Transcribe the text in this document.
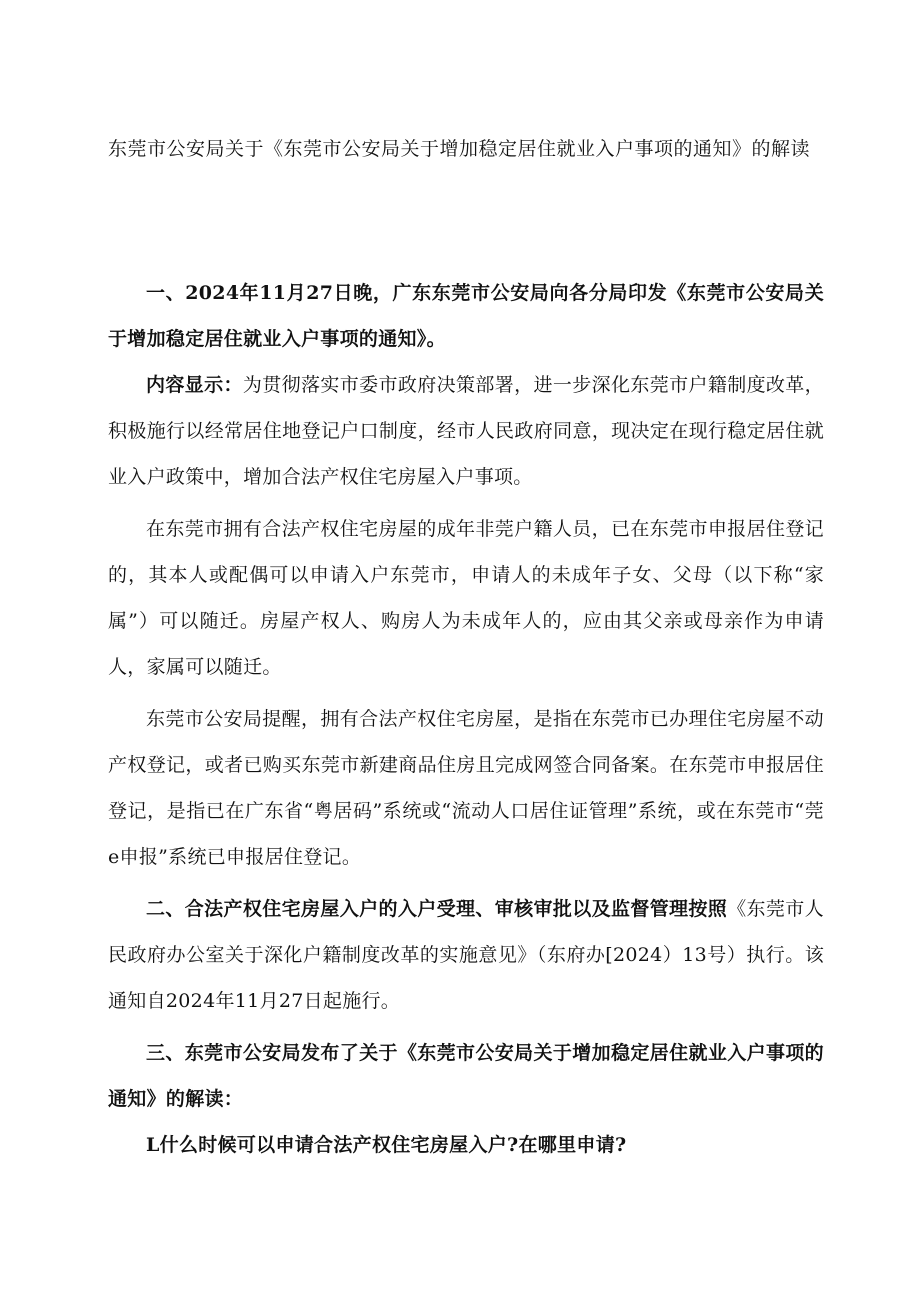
东莞市公安局关于《东莞市公安局关于增加稳定居住就业入户事项的通知》的解读

一、2024年11月27日晚，广东东莞市公安局向各分局印发《东莞市公安局关于增加稳定居住就业入户事项的通知》。

内容显示：为贯彻落实市委市政府决策部署，进一步深化东莞市户籍制度改革，积极施行以经常居住地登记户口制度，经市人民政府同意，现决定在现行稳定居住就业入户政策中，增加合法产权住宅房屋入户事项。

在东莞市拥有合法产权住宅房屋的成年非莞户籍人员，已在东莞市申报居住登记的，其本人或配偶可以申请入户东莞市，申请人的未成年子女、父母（以下称“家属”）可以随迁。房屋产权人、购房人为未成年人的，应由其父亲或母亲作为申请人，家属可以随迁。

东莞市公安局提醒，拥有合法产权住宅房屋，是指在东莞市已办理住宅房屋不动产权登记，或者已购买东莞市新建商品住房且完成网签合同备案。在东莞市申报居住登记，是指已在广东省“粤居码”系统或“流动人口居住证管理”系统，或在东莞市“莞e申报”系统已申报居住登记。

二、合法产权住宅房屋入户的入户受理、审核审批以及监督管理按照《东莞市人民政府办公室关于深化户籍制度改革的实施意见》（东府办[2024）13号）执行。该通知自2024年11月27日起施行。

三、东莞市公安局发布了关于《东莞市公安局关于增加稳定居住就业入户事项的通知》的解读：

L什么时候可以申请合法产权住宅房屋入户?在哪里申请?
